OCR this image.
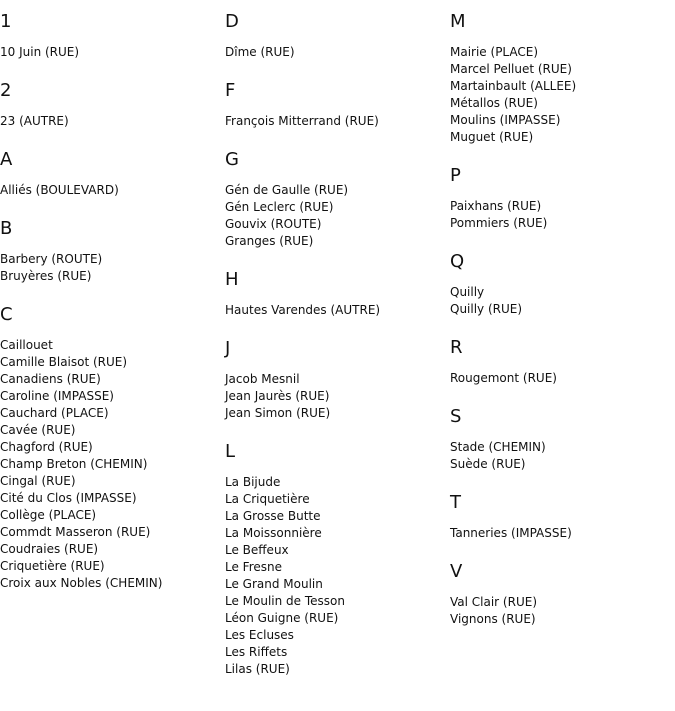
1
10 Juin (RUE)
2
23 (AUTRE)
A
Alliés (BOULEVARD)
B
Barbery (ROUTE)
Bruyères (RUE)
C
Caillouet
Camille Blaisot (RUE)
Canadiens (RUE)
Caroline (IMPASSE)
Cauchard (PLACE)
Cavée (RUE)
Chagford (RUE)
Champ Breton (CHEMIN)
Cingal (RUE)
Cité du Clos (IMPASSE)
Collège (PLACE)
Commdt Masseron (RUE)
Coudraies (RUE)
Criquetière (RUE)
Croix aux Nobles (CHEMIN)
D
Dîme (RUE)
F
François Mitterrand (RUE)
G
Gén de Gaulle (RUE)
Gén Leclerc (RUE)
Gouvix (ROUTE)
Granges (RUE)
H
Hautes Varendes (AUTRE)
J
Jacob Mesnil
Jean Jaurès (RUE)
Jean Simon (RUE)
L
La Bijude
La Criquetière
La Grosse Butte
La Moissonnière
Le Beffeux
Le Fresne
Le Grand Moulin
Le Moulin de Tesson
Léon Guigne (RUE)
Les Ecluses
Les Riffets
Lilas (RUE)
M
Mairie (PLACE)
Marcel Pelluet (RUE)
Martainbault (ALLEE)
Métallos (RUE)
Moulins (IMPASSE)
Muguet (RUE)
P
Paixhans (RUE)
Pommiers (RUE)
Q
Quilly
Quilly (RUE)
R
Rougemont (RUE)
S
Stade (CHEMIN)
Suède (RUE)
T
Tanneries (IMPASSE)
V
Val Clair (RUE)
Vignons (RUE)
